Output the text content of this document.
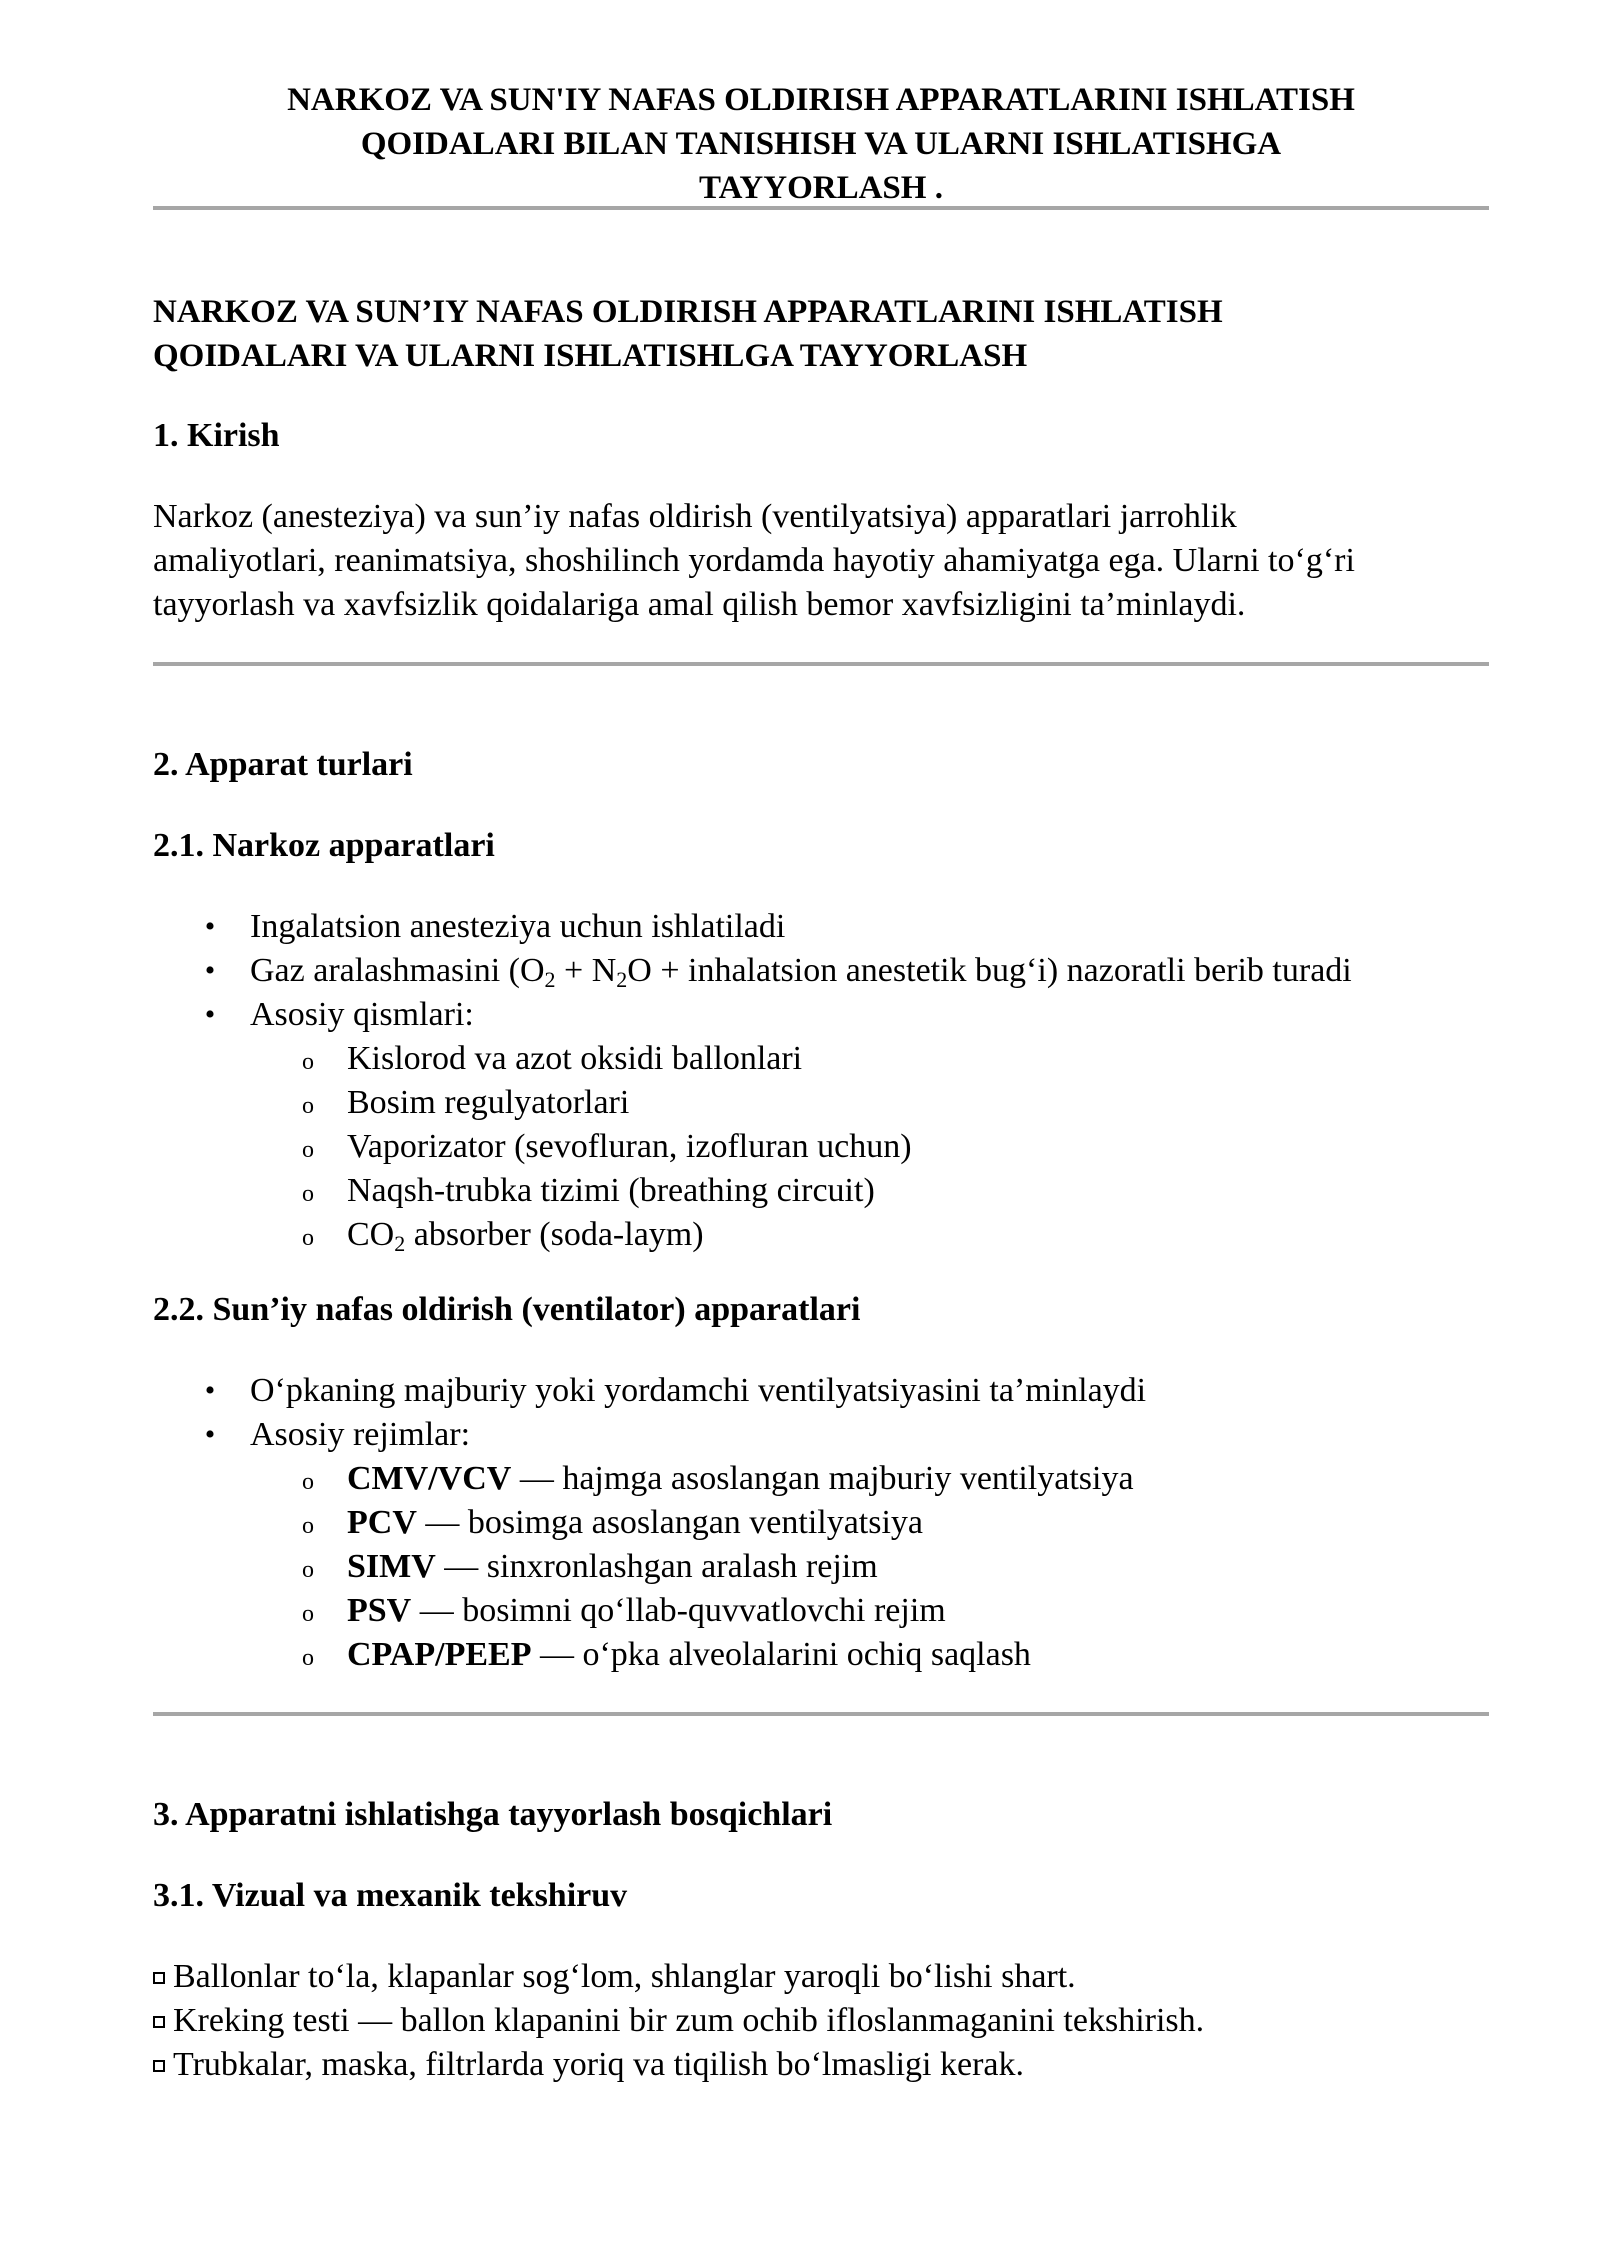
NARKOZ VA SUN'IY NAFAS OLDIRISH APPARATLARINI ISHLATISH
QOIDALARI BILAN TANISHISH VA ULARNI ISHLATISHGA
TAYYORLASH .
NARKOZ VA SUN’IY NAFAS OLDIRISH APPARATLARINI ISHLATISH
QOIDALARI VA ULARNI ISHLATISHLGA TAYYORLASH
1. Kirish

Narkoz (anesteziya) va sun’iy nafas oldirish (ventilyatsiya) apparatlari jarrohlik
amaliyotlari, reanimatsiya, shoshilinch yordamda hayotiy ahamiyatga ega. Ularni to‘g‘ri
tayyorlash va xavfsizlik qoidalariga amal qilish bemor xavfsizligini ta’minlaydi.

2. Apparat turlari
2.1. Narkoz apparatlari
• Ingalatsion anesteziya uchun ishlatiladi
• Gaz aralashmasini ($O_2 + N_2O$ + inhalatsion anestetik bug‘i) nazoratli berib turadi
• Asosiy qismlari:
o Kislorod va azot oksidi ballonlari
o Bosim regulyatorlari
o Vaporizator (sevofluran, izofluran uchun)
o Naqsh-trubka tizimi (breathing circuit)
o $CO_2$ absorber (soda-laym)
2.2. Sun’iy nafas oldirish (ventilator) apparatlari
• O‘pkaning majburiy yoki yordamchi ventilyatsiyasini ta’minlaydi
• Asosiy rejimlar:
o CMV/VCV — hajmga asoslangan majburiy ventilyatsiya
o PCV — bosimga asoslangan ventilyatsiya
o SIMV — sinxronlashgan aralash rejim
o PSV — bosimni qo‘llab-quvvatlovchi rejim
o CPAP/PEEP — o‘pka alveolalarini ochiq saqlash
3. Apparatni ishlatishga tayyorlash bosqichlari
3.1. Vizual va mexanik tekshiruv
Ballonlar to‘la, klapanlar sog‘lom, shlanglar yaroqli bo‘lishi shart.
Kreking testi — ballon klapanini bir zum ochib ifloslanmaganini tekshirish.
Trubkalar, maska, filtrlarda yoriq va tiqilish bo‘lmasligi kerak.
